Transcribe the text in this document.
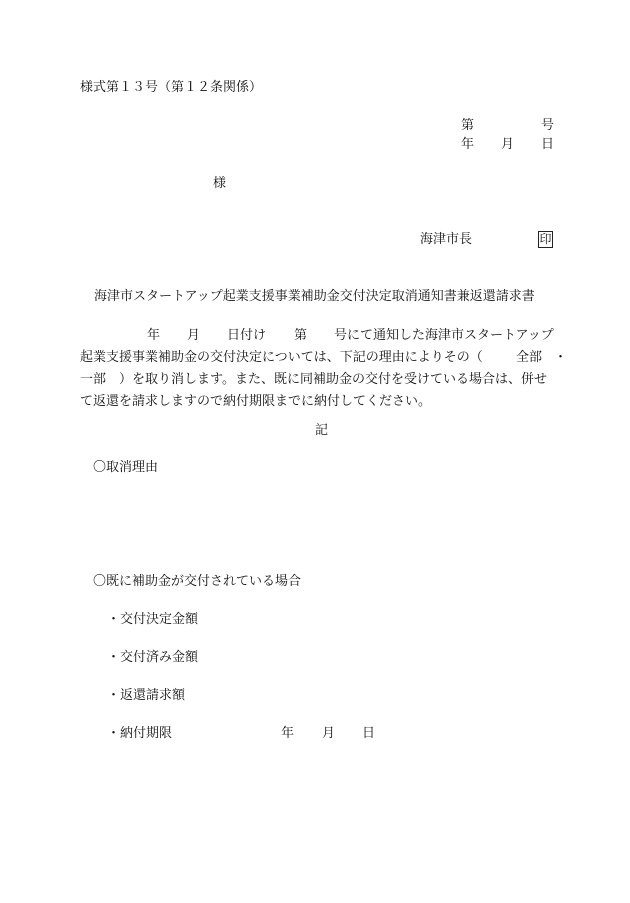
様式第１３号（第１２条関係）
第	号
年 月 日
様
海津市長	印
海津市スタートアップ起業支援事業補助金交付決定取消通知書兼返還請求書
年 月 日付け 第 号にて通知した海津市スタートアップ
起業支援事業補助金の交付決定については、下記の理由によりその（	全部 ・
一部　）を取り消します。また、既に同補助金の交付を受けている場合は、併せ
て返還を請求しますので納付期限までに納付してください。
記
〇取消理由
〇既に補助金が交付されている場合
・交付決定金額
・交付済み金額
・返還請求額
・納付期限	年 月 日
